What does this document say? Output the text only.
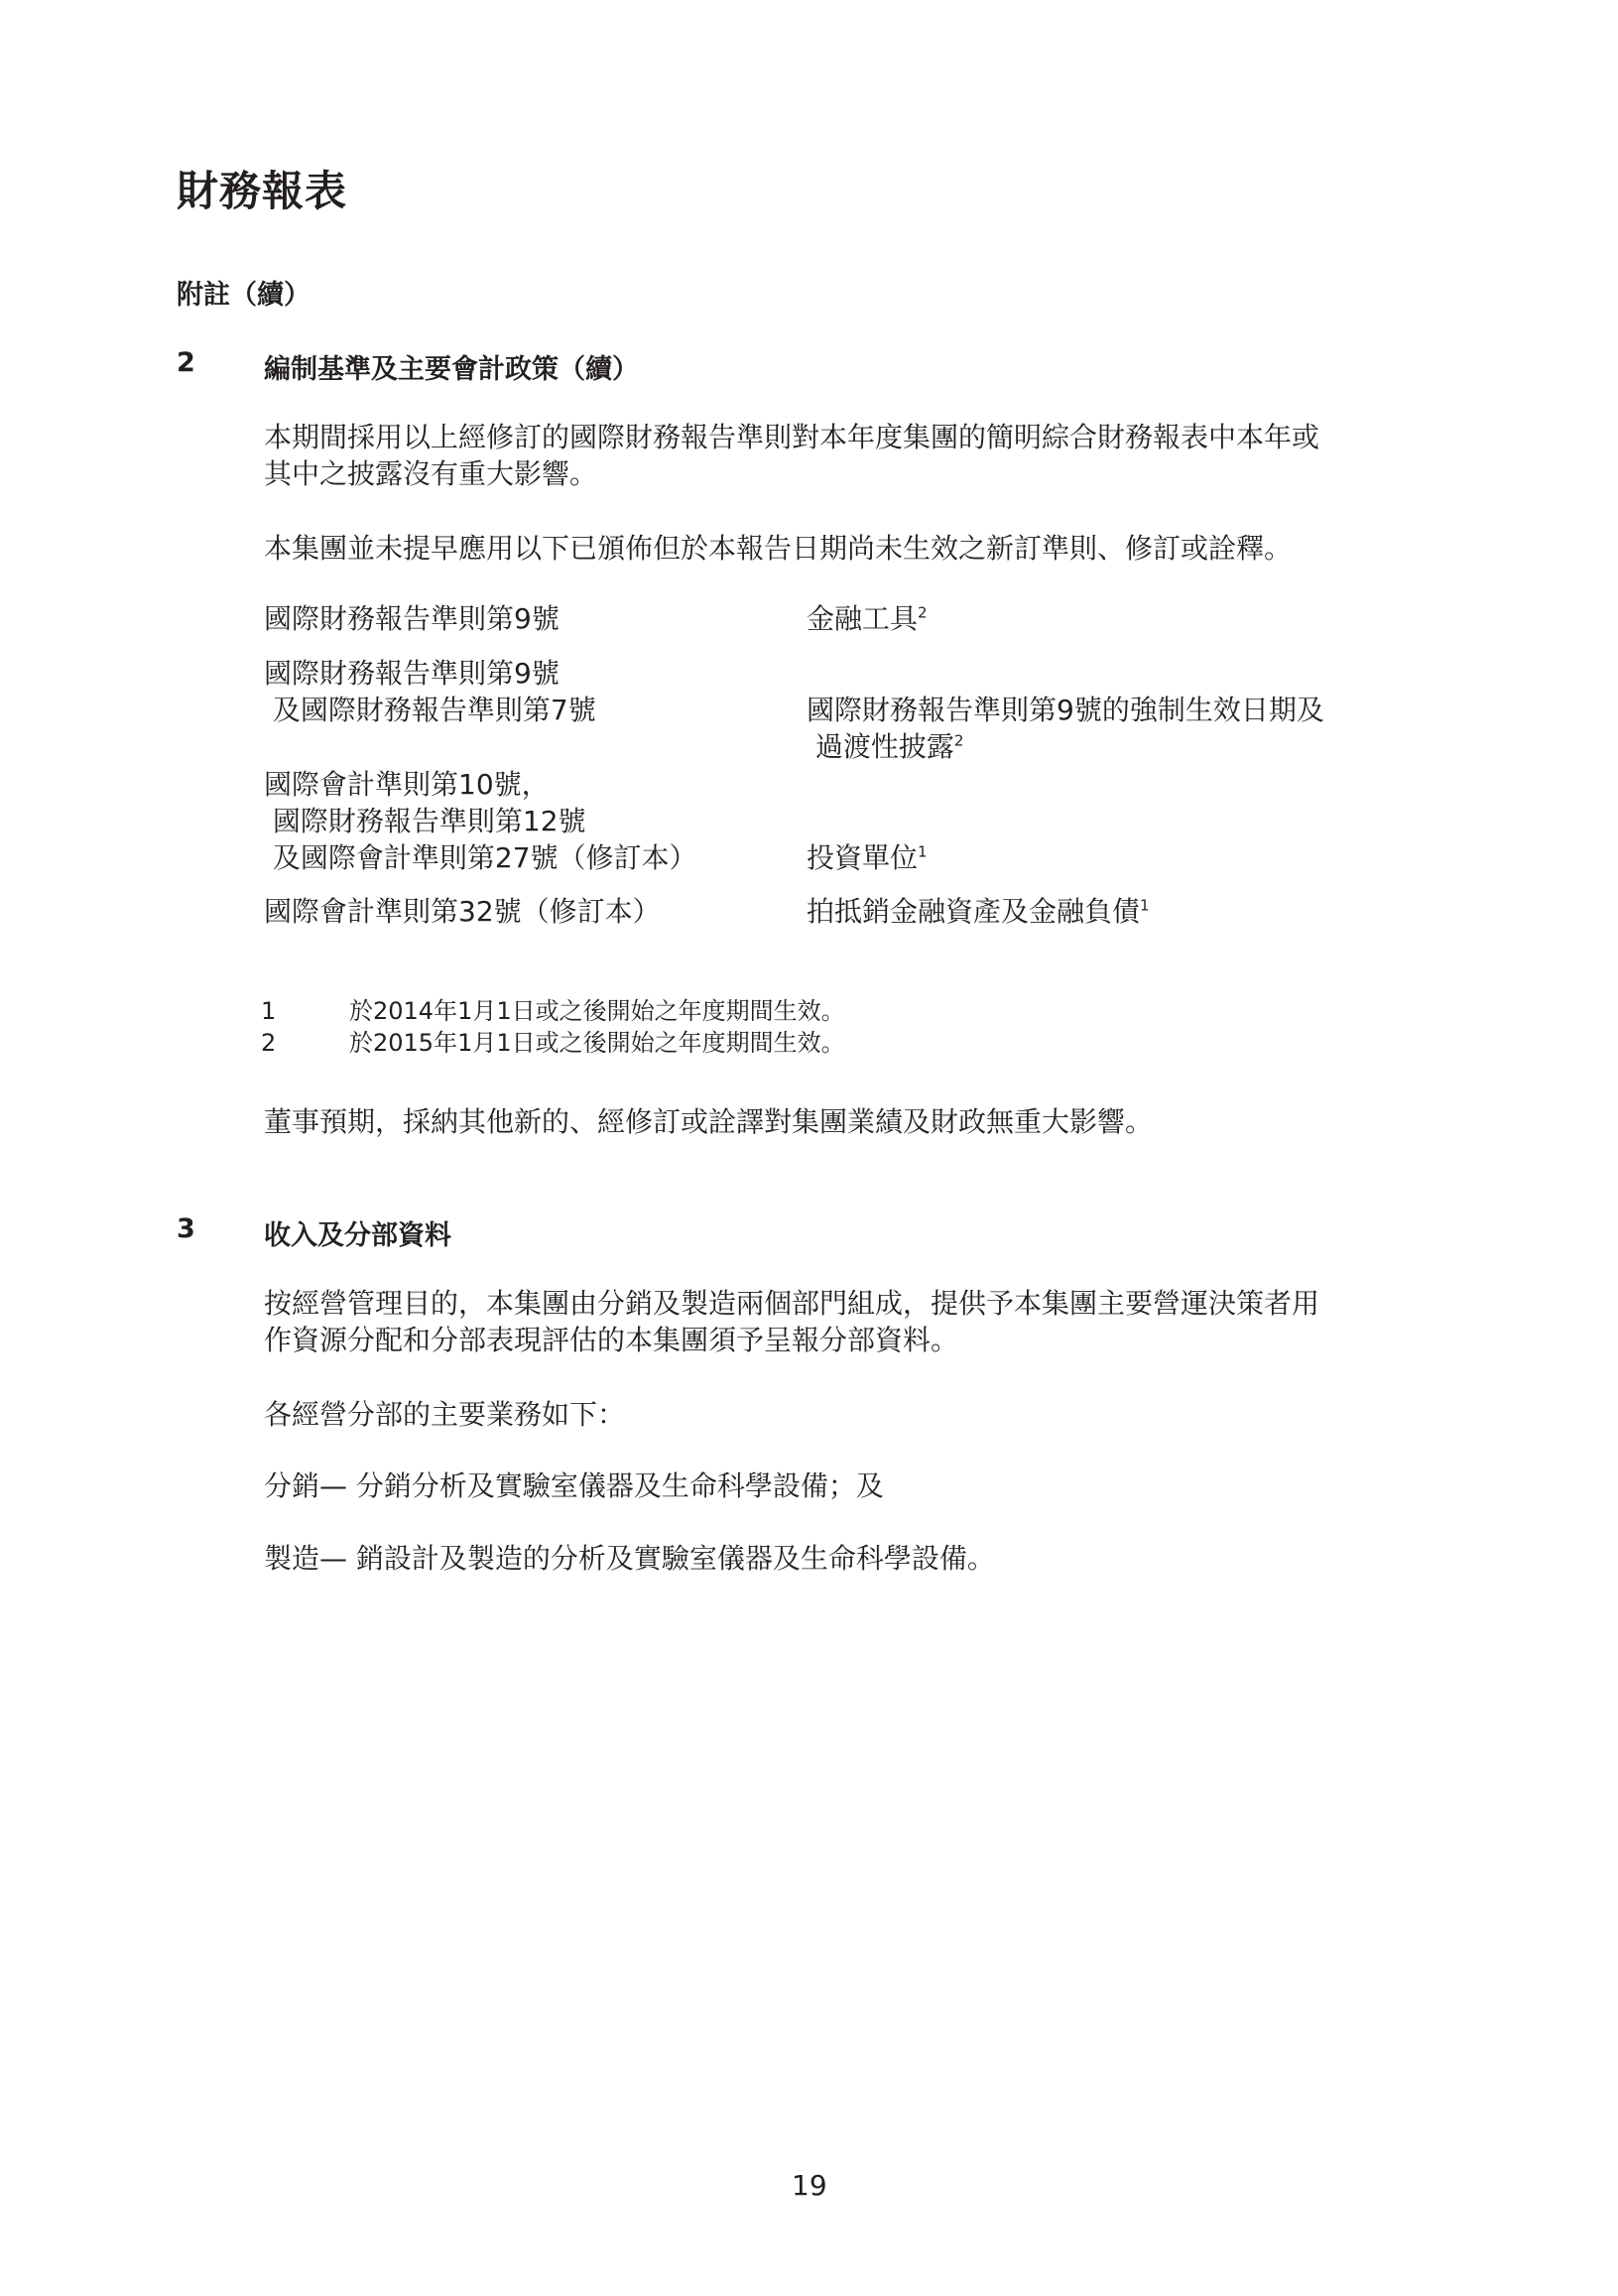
財務報表
附註（續）
2	編制基準及主要會計政策（續）
本期間採用以上經修訂的國際財務報告準則對本年度集團的簡明綜合財務報表中本年或
其中之披露沒有重大影響。
本集團並未提早應用以下已頒佈但於本報告日期尚未生效之新訂準則、修訂或詮釋。
國際財務報告準則第9號	金融工具$^2$
國際財務報告準則第9號
及國際財務報告準則第7號	國際財務報告準則第9號的強制生效日期及
過渡性披露$^2$
國際會計準則第10號，
國際財務報告準則第12號
及國際會計準則第27號（修訂本）	投資單位$^1$
國際會計準則第32號（修訂本）	拍抵銷金融資產及金融負債$^1$
1	於2014年1月1日或之後開始之年度期間生效。
2	於2015年1月1日或之後開始之年度期間生效。
董事預期，採納其他新的、經修訂或詮譯對集團業績及財政無重大影響。
3	收入及分部資料
按經營管理目的，本集團由分銷及製造兩個部門組成，提供予本集團主要營運決策者用
作資源分配和分部表現評估的本集團須予呈報分部資料。
各經營分部的主要業務如下：
分銷— 分銷分析及實驗室儀器及生命科學設備；及
製造— 銷設計及製造的分析及實驗室儀器及生命科學設備。
19
